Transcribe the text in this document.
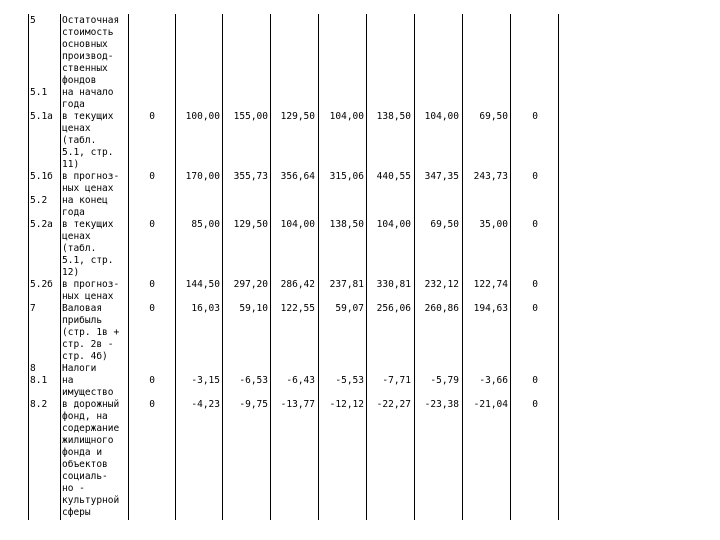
5	Остаточная
стоимость
основных
производ-
ственных
фондов
5.1	на начало
года
5.1а в текущих	0	100,00	155,00	129,50	104,00	138,50	104,00	69,50	0
ценах
(табл.
5.1, стр.
11)
5.1б в прогноз-	0	170,00	355,73	356,64	315,06	440,55	347,35	243,73	0
ных ценах
5.2	на конец
года
5.2а в текущих	0	85,00	129,50	104,00	138,50	104,00	69,50	35,00	0
ценах
(табл.
5.1, стр.
12)
5.2б в прогноз-	0	144,50	297,20	286,42	237,81	330,81	232,12	122,74	0
ных ценах
7	Валовая	0	16,03	59,10	122,55	59,07	256,06	260,86	194,63	0
прибыль
(стр. 1в +
стр. 2в -
стр. 4б)
8	Налоги
8.1	на	0	-3,15	-6,53	-6,43	-5,53	-7,71	-5,79	-3,66	0
имущество
8.2	в дорожный	0	-4,23	-9,75	-13,77	-12,12	-22,27	-23,38	-21,04	0
фонд, на
содержание
жилищного
фонда и
объектов
социаль-
но -
культурной
сферы
